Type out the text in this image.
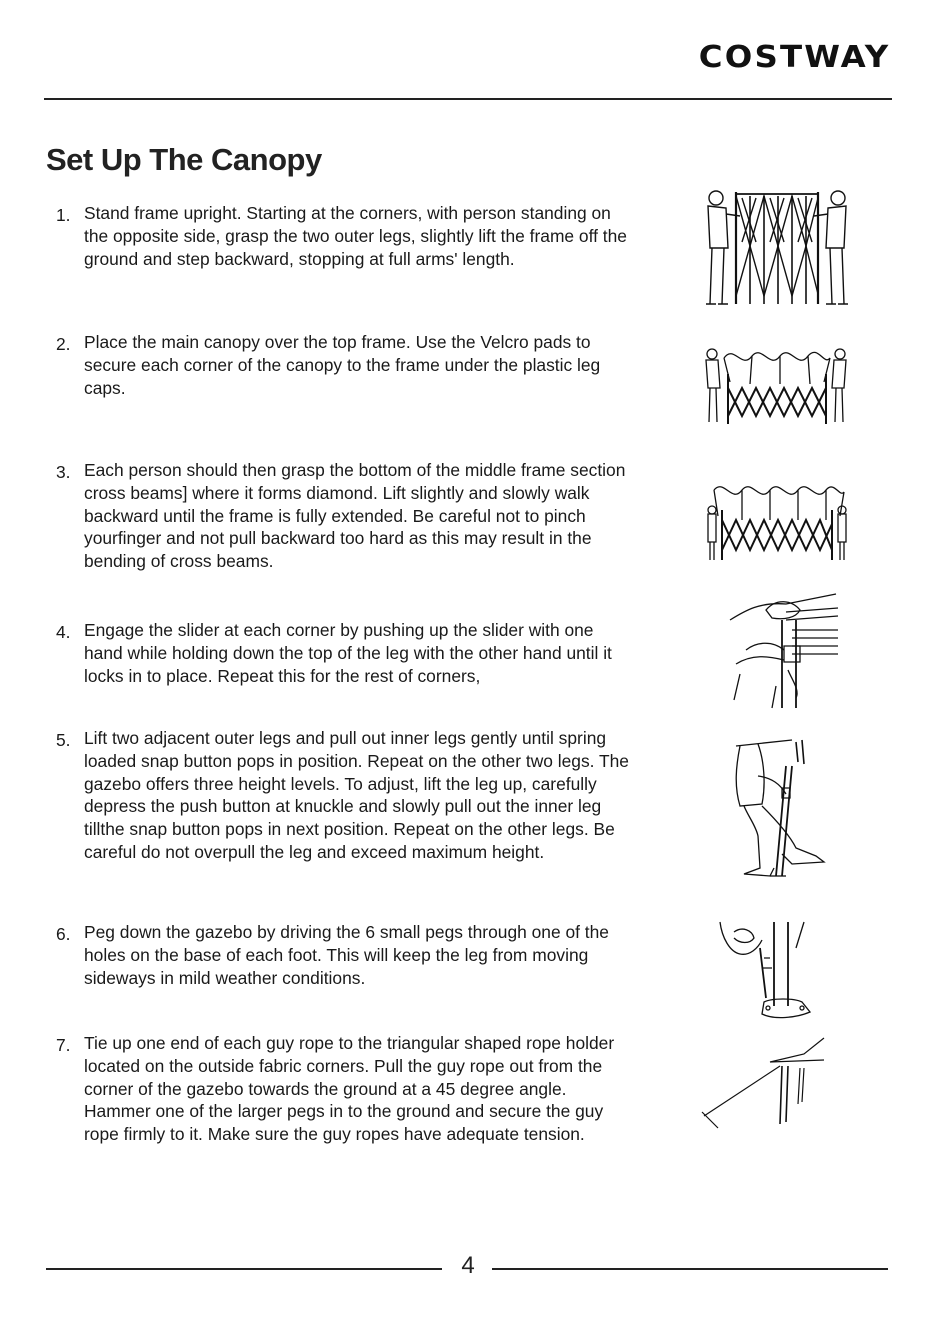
COSTWAY
Set Up The Canopy
1. Stand frame upright. Starting at the corners, with person standing on the opposite side, grasp the two outer legs, slightly lift the frame off the ground and step backward, stopping at full arms' length.
2. Place the main canopy over the top frame. Use the Velcro pads to secure each corner of the canopy to the frame under the plastic leg caps.
3. Each person should then grasp the bottom of the middle frame section cross beams] where it forms diamond. Lift slightly and slowly walk backward until the frame is fully extended. Be careful not to pinch yourfinger and not pull backward too hard as this may result in the bending of cross beams.
4. Engage the slider at each corner by pushing up the slider with one hand while holding down the top of the leg with the other hand until it locks in to place. Repeat this for the rest of corners,
5. Lift two adjacent outer legs and pull out inner legs gently until spring loaded snap button pops in position. Repeat on the other two legs. The gazebo offers three height levels. To adjust, lift the leg up, carefully depress the push button at knuckle and slowly pull out the inner leg tillthe snap button pops in next position. Repeat on the other legs. Be careful do not overpull the leg and exceed maximum height.
6. Peg down the gazebo by driving the 6 small pegs through one of the holes on the base of each foot. This will keep the leg from moving sideways in mild weather conditions.
7. Tie up one end of each guy rope to the triangular shaped rope holder located on the outside fabric corners. Pull the guy rope out from the corner of the gazebo towards the ground at a 45 degree angle. Hammer one of the larger pegs in to the ground and secure the guy rope firmly to it. Make sure the guy ropes have adequate tension.
4
